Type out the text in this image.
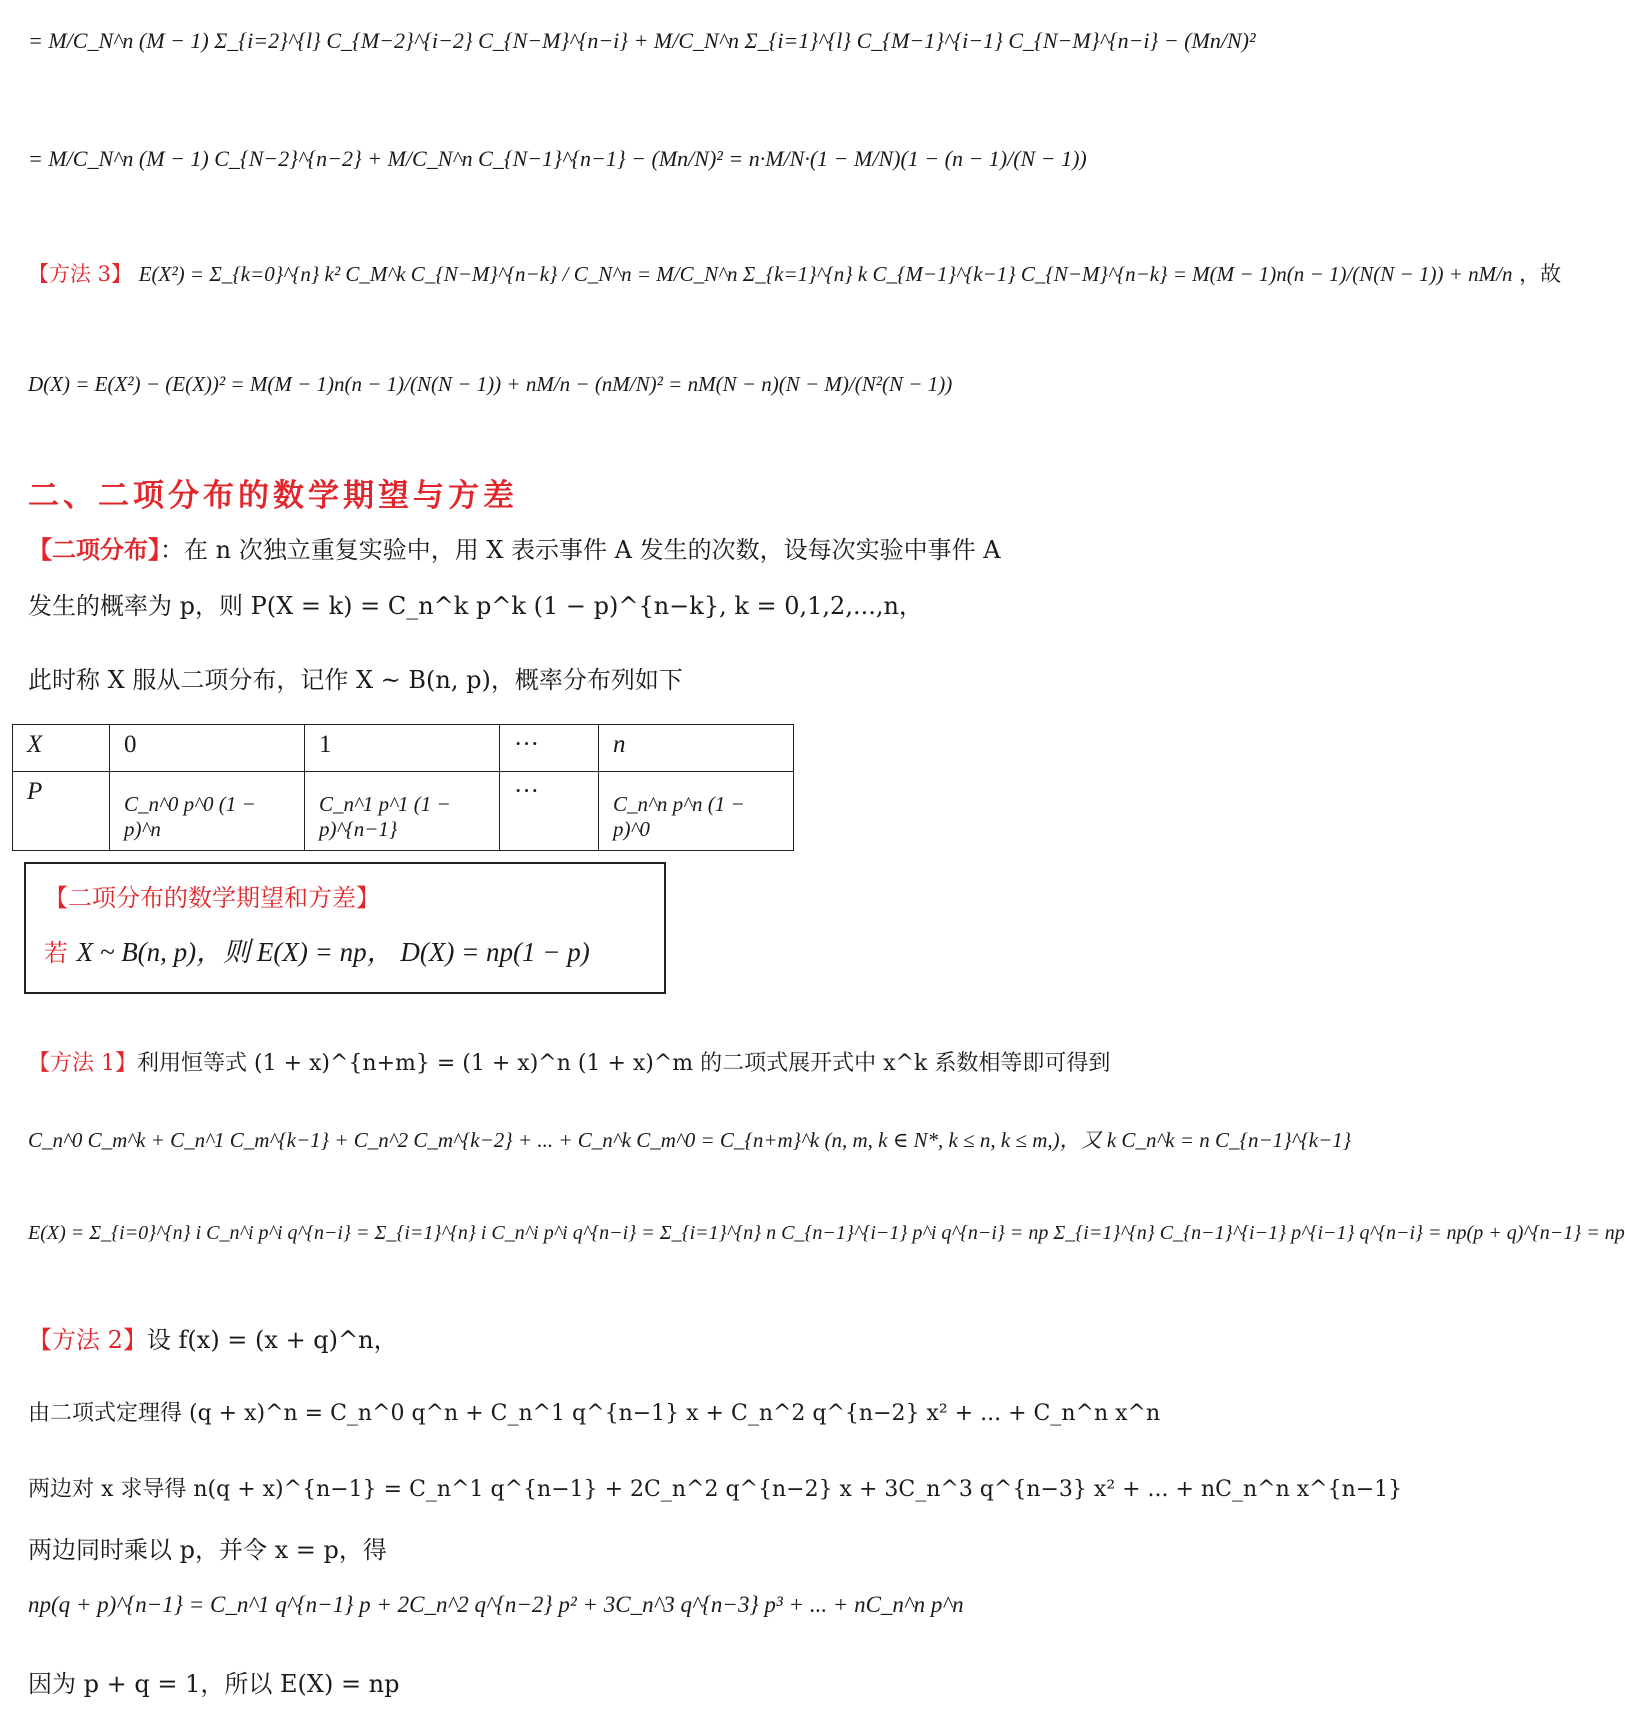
= M/C_N^n (M − 1) Σ_{i=2}^{l} C_{M−2}^{i−2} C_{N−M}^{n−i} + M/C_N^n Σ_{i=1}^{l} C_{M−1}^{i−1} C_{N−M}^{n−i} − (Mn/N)²
= M/C_N^n (M − 1) C_{N−2}^{n−2} + M/C_N^n C_{N−1}^{n−1} − (Mn/N)² = n·M/N·(1 − M/N)(1 − (n − 1)/(N − 1))
【方法 3】 E(X²) = Σ_{k=0}^{n} k² C_M^k C_{N−M}^{n−k} / C_N^n = M/C_N^n Σ_{k=1}^{n} k C_{M−1}^{k−1} C_{N−M}^{n−k} = M(M − 1)n(n − 1)/(N(N − 1)) + nM/n ，故
D(X) = E(X²) − (E(X))² = M(M − 1)n(n − 1)/(N(N − 1)) + nM/n − (nM/N)² = nM(N − n)(N − M)/(N²(N − 1))
二、二项分布的数学期望与方差
【二项分布】：在 n 次独立重复实验中，用 X 表示事件 A 发生的次数，设每次实验中事件 A
发生的概率为 p，则 P(X = k) = C_n^k p^k (1 − p)^{n−k}, k = 0,1,2,...,n，
此时称 X 服从二项分布，记作 X ~ B(n, p)，概率分布列如下
X	0	1	···	n
P	C_n^0 p^0 (1 − p)^n	C_n^1 p^1 (1 − p)^{n−1}	···	C_n^n p^n (1 − p)^0
【二项分布的数学期望和方差】
若 X ~ B(n, p)，则 E(X) = np， D(X) = np(1 − p)
【方法 1】利用恒等式 (1 + x)^{n+m} = (1 + x)^n (1 + x)^m 的二项式展开式中 x^k 系数相等即可得到
C_n^0 C_m^k + C_n^1 C_m^{k−1} + C_n^2 C_m^{k−2} + ... + C_n^k C_m^0 = C_{n+m}^k (n, m, k ∈ N*, k ≤ n, k ≤ m,)，又 k C_n^k = n C_{n−1}^{k−1}
E(X) = Σ_{i=0}^{n} i C_n^i p^i q^{n−i} = Σ_{i=1}^{n} i C_n^i p^i q^{n−i} = Σ_{i=1}^{n} n C_{n−1}^{i−1} p^i q^{n−i} = np Σ_{i=1}^{n} C_{n−1}^{i−1} p^{i−1} q^{n−i} = np(p + q)^{n−1} = np
【方法 2】设 f(x) = (x + q)^n，
由二项式定理得 (q + x)^n = C_n^0 q^n + C_n^1 q^{n−1} x + C_n^2 q^{n−2} x² + ... + C_n^n x^n
两边对 x 求导得 n(q + x)^{n−1} = C_n^1 q^{n−1} + 2C_n^2 q^{n−2} x + 3C_n^3 q^{n−3} x² + ... + nC_n^n x^{n−1}
两边同时乘以 p，并令 x = p，得
np(q + p)^{n−1} = C_n^1 q^{n−1} p + 2C_n^2 q^{n−2} p² + 3C_n^3 q^{n−3} p³ + ... + nC_n^n p^n
因为 p + q = 1，所以 E(X) = np
